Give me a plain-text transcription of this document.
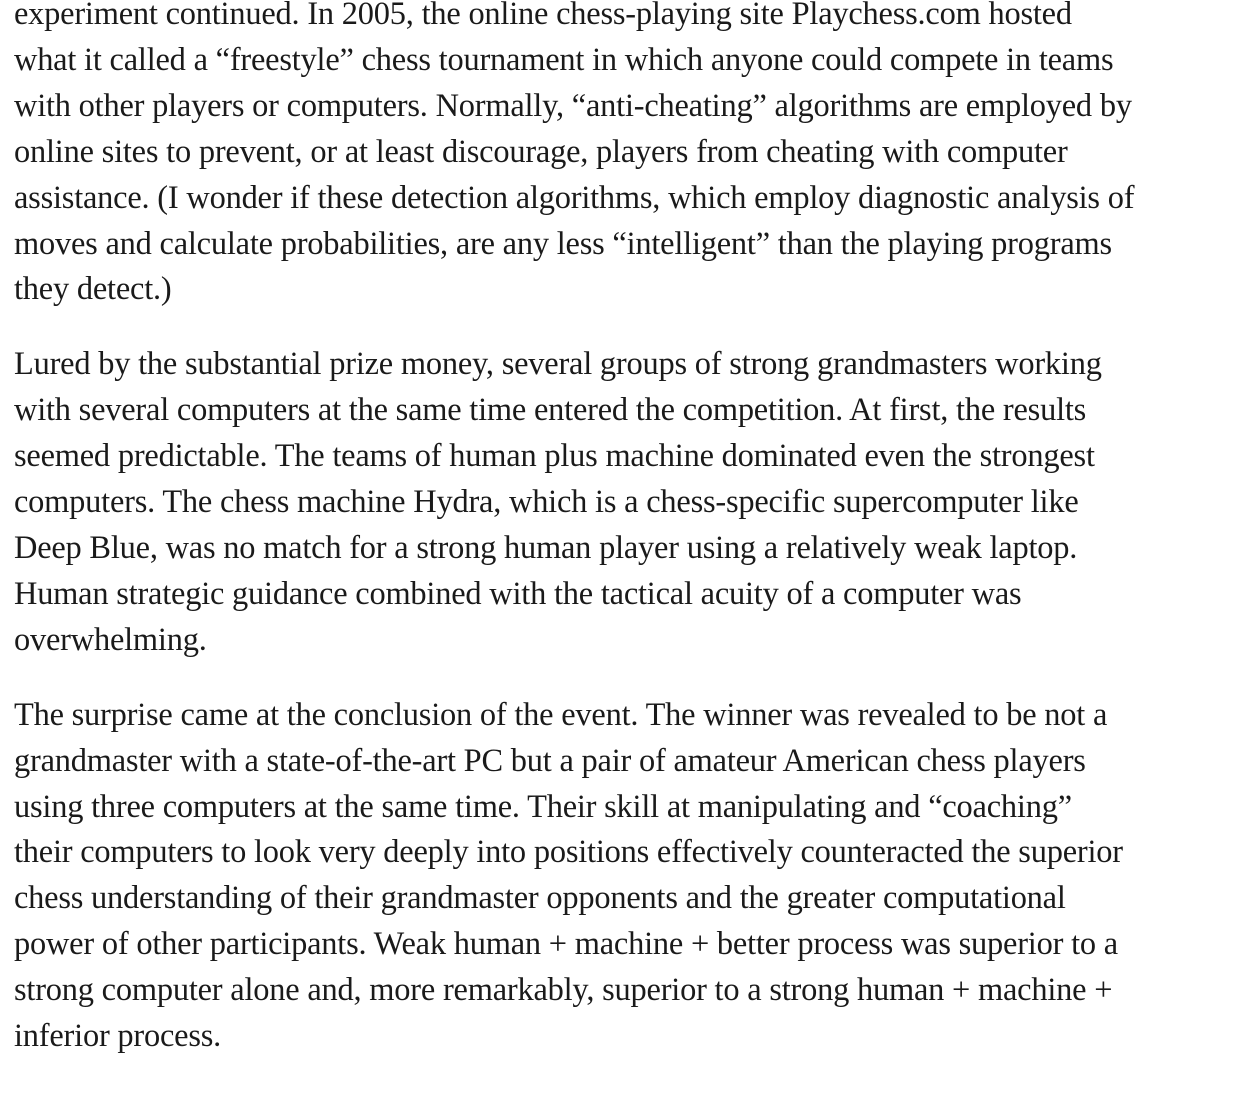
experiment continued. In 2005, the online chess-playing site Playchess.com hosted
what it called a “freestyle” chess tournament in which anyone could compete in teams
with other players or computers. Normally, “anti-cheating” algorithms are employed by
online sites to prevent, or at least discourage, players from cheating with computer
assistance. (I wonder if these detection algorithms, which employ diagnostic analysis of
moves and calculate probabilities, are any less “intelligent” than the playing programs
they detect.)

Lured by the substantial prize money, several groups of strong grandmasters working
with several computers at the same time entered the competition. At first, the results
seemed predictable. The teams of human plus machine dominated even the strongest
computers. The chess machine Hydra, which is a chess-specific supercomputer like
Deep Blue, was no match for a strong human player using a relatively weak laptop.
Human strategic guidance combined with the tactical acuity of a computer was
overwhelming.

The surprise came at the conclusion of the event. The winner was revealed to be not a
grandmaster with a state-of-the-art PC but a pair of amateur American chess players
using three computers at the same time. Their skill at manipulating and “coaching”
their computers to look very deeply into positions effectively counteracted the superior
chess understanding of their grandmaster opponents and the greater computational
power of other participants. Weak human + machine + better process was superior to a
strong computer alone and, more remarkably, superior to a strong human + machine +
inferior process.
